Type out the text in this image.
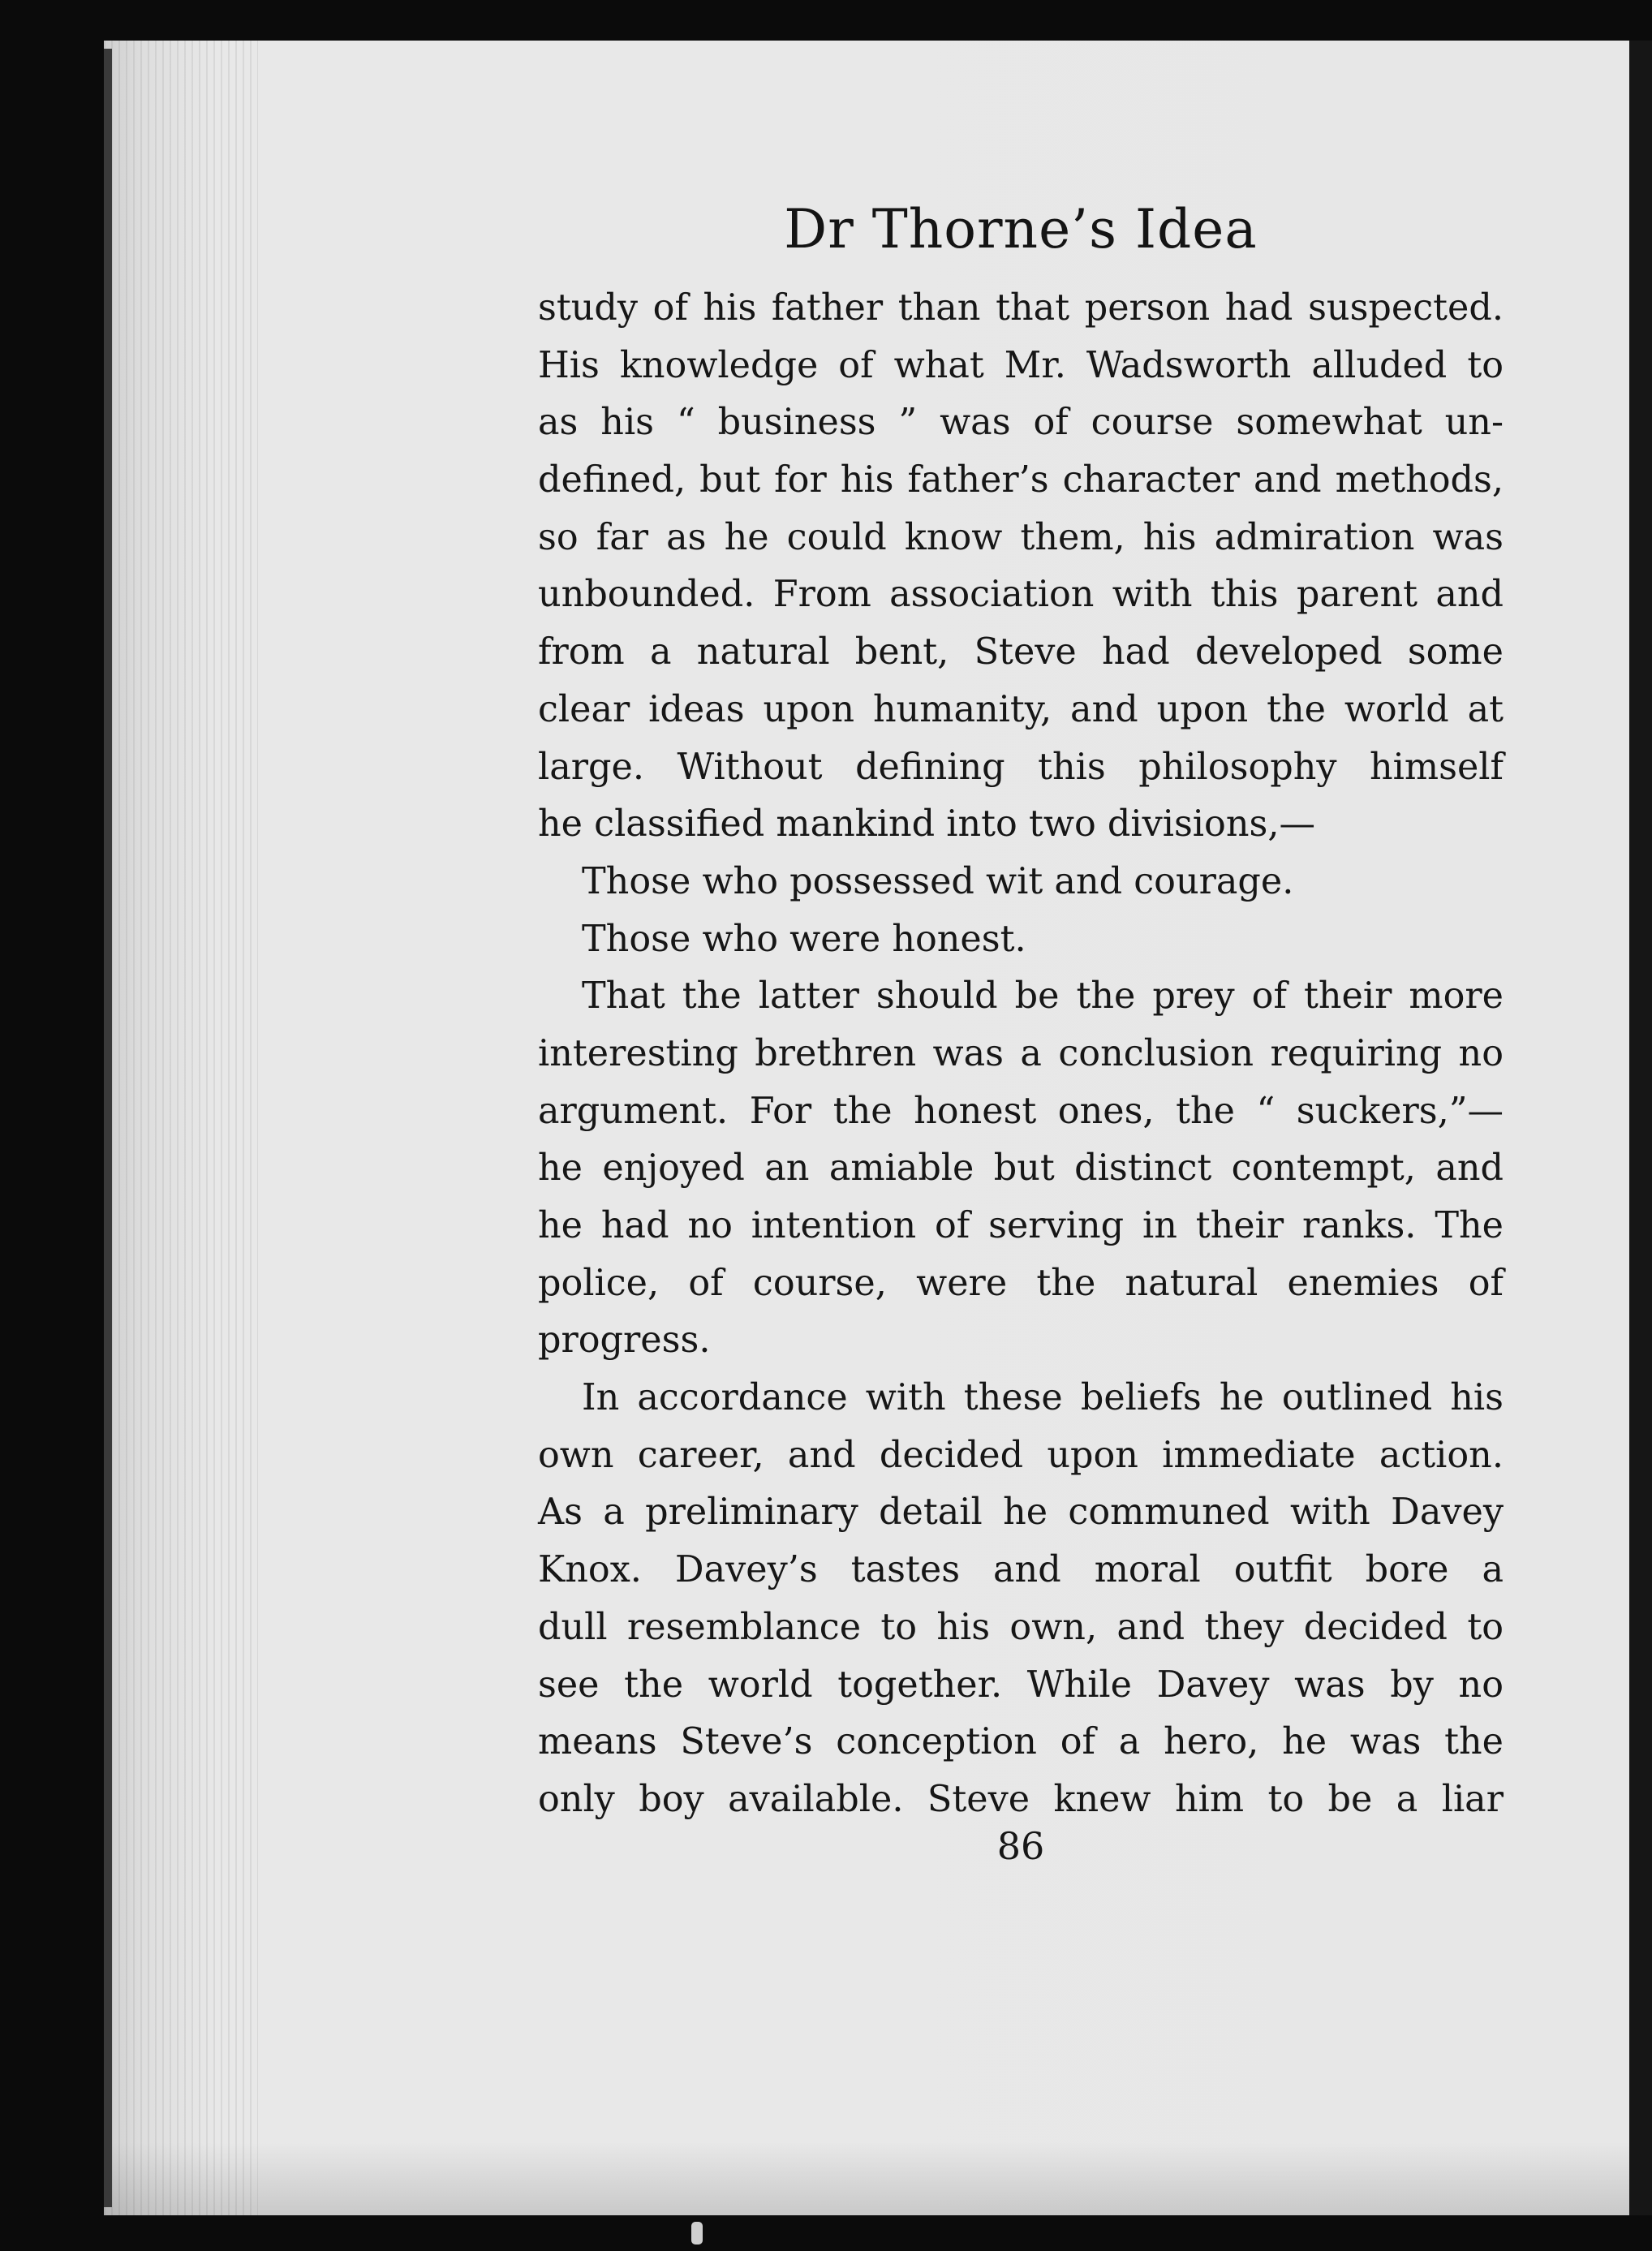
Dr Thorne’s Idea
study of his father than that person had suspected.
His knowledge of what Mr. Wadsworth alluded to
as his “ business ” was of course somewhat un-
defined, but for his father’s character and methods,
so far as he could know them, his admiration was
unbounded. From association with this parent and
from a natural bent, Steve had developed some
clear ideas upon humanity, and upon the world at
large. Without defining this philosophy himself
he classified mankind into two divisions,—
Those who possessed wit and courage.
Those who were honest.
That the latter should be the prey of their more
interesting brethren was a conclusion requiring no
argument. For the honest ones, the “ suckers,”—
he enjoyed an amiable but distinct contempt, and
he had no intention of serving in their ranks. The
police, of course, were the natural enemies of
progress.
In accordance with these beliefs he outlined his
own career, and decided upon immediate action.
As a preliminary detail he communed with Davey
Knox. Davey’s tastes and moral outfit bore a
dull resemblance to his own, and they decided to
see the world together. While Davey was by no
means Steve’s conception of a hero, he was the
only boy available. Steve knew him to be a liar
86
